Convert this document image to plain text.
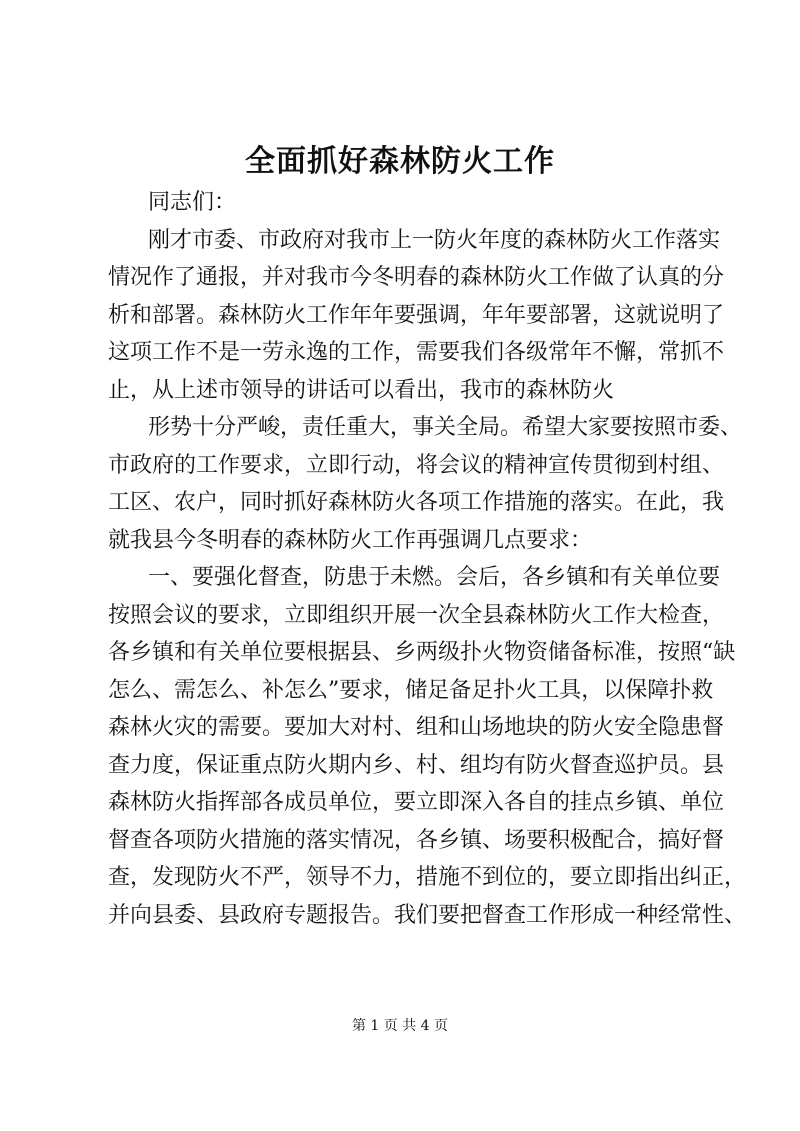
全面抓好森林防火工作
同志们：
刚才市委、市政府对我市上一防火年度的森林防火工作落实
情况作了通报，并对我市今冬明春的森林防火工作做了认真的分
析和部署。森林防火工作年年要强调，年年要部署，这就说明了
这项工作不是一劳永逸的工作，需要我们各级常年不懈，常抓不
止，从上述市领导的讲话可以看出，我市的森林防火
形势十分严峻，责任重大，事关全局。希望大家要按照市委、
市政府的工作要求，立即行动，将会议的精神宣传贯彻到村组、
工区、农户，同时抓好森林防火各项工作措施的落实。在此，我
就我县今冬明春的森林防火工作再强调几点要求：
一、要强化督查，防患于未燃。会后，各乡镇和有关单位要
按照会议的要求，立即组织开展一次全县森林防火工作大检查，
各乡镇和有关单位要根据县、乡两级扑火物资储备标准，按照“缺
怎么、需怎么、补怎么”要求，储足备足扑火工具，以保障扑救
森林火灾的需要。要加大对村、组和山场地块的防火安全隐患督
查力度，保证重点防火期内乡、村、组均有防火督查巡护员。县
森林防火指挥部各成员单位，要立即深入各自的挂点乡镇、单位
督查各项防火措施的落实情况，各乡镇、场要积极配合，搞好督
查，发现防火不严，领导不力，措施不到位的，要立即指出纠正，
并向县委、县政府专题报告。我们要把督查工作形成一种经常性、
第 1 页 共 4 页
